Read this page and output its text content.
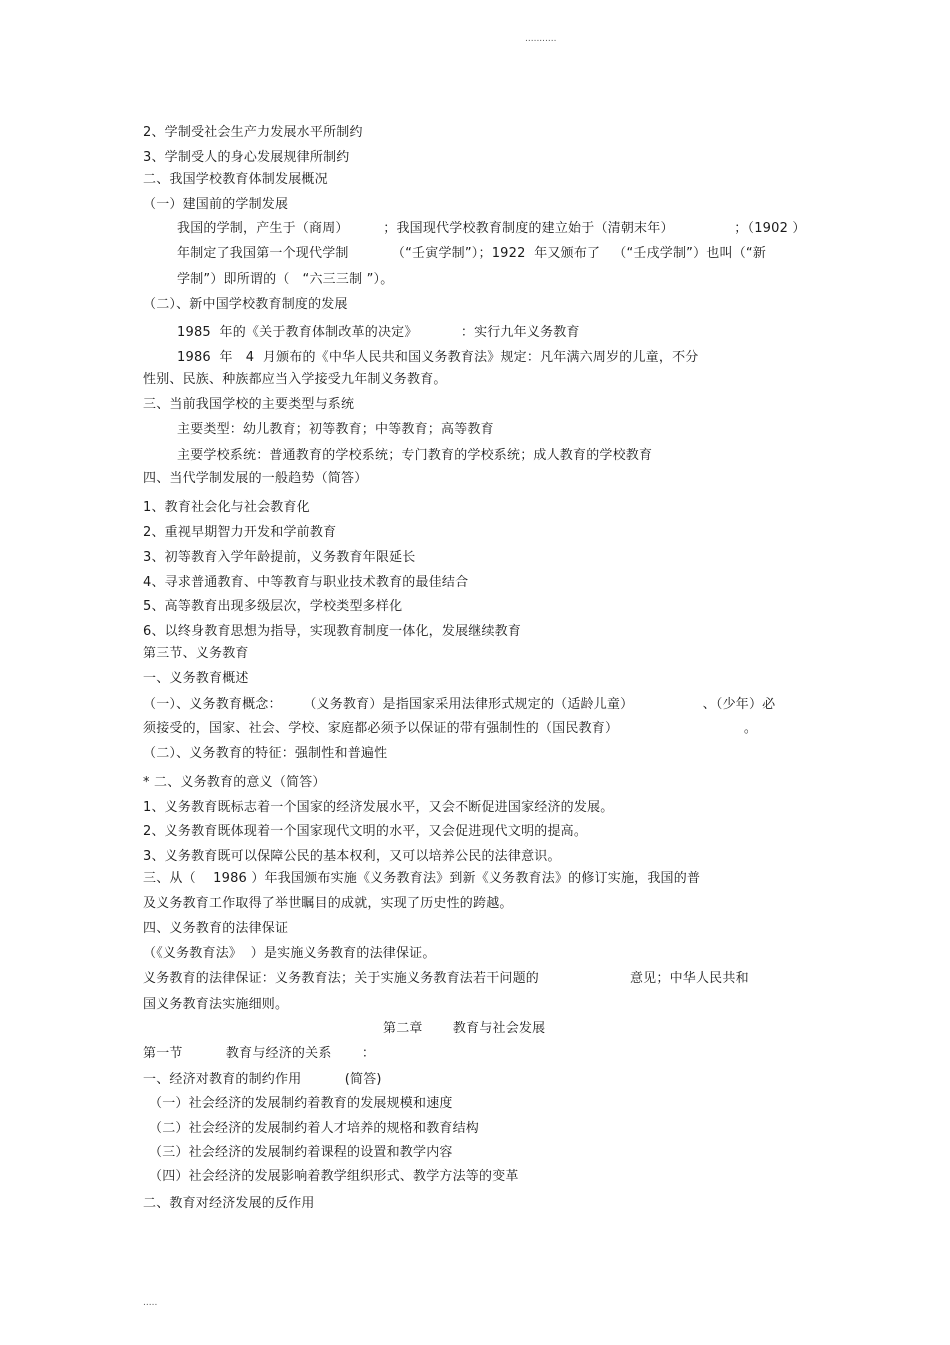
...........
2、学制受社会生产力发展水平所制约
3、学制受人的身心发展规律所制约
二、我国学校教育体制发展概况
（一）建国前的学制发展
我国的学制，产生于（商周）        ；我国现代学校教育制度的建立始于（清朝末年）              ；（1902 ）
年制定了我国第一个现代学制          （“壬寅学制”）；1922  年又颁布了   （“壬戌学制”）也叫（“新
学制”）即所谓的（   “六三三制 ”）。
（二）、新中国学校教育制度的发展
1985  年的《关于教育体制改革的决定》          ：实行九年义务教育
1986  年   4  月颁布的《中华人民共和国义务教育法》规定：凡年满六周岁的儿童，不分
性别、民族、种族都应当入学接受九年制义务教育。
三、当前我国学校的主要类型与系统
主要类型：幼儿教育；初等教育；中等教育；高等教育
主要学校系统：普通教育的学校系统；专门教育的学校系统；成人教育的学校教育
四、当代学制发展的一般趋势（简答）
1、教育社会化与社会教育化
2、重视早期智力开发和学前教育
3、初等教育入学年龄提前，义务教育年限延长
4、寻求普通教育、中等教育与职业技术教育的最佳结合
5、高等教育出现多级层次，学校类型多样化
6、以终身教育思想为指导，实现教育制度一体化，发展继续教育
第三节、义务教育
一、义务教育概述
（一）、义务教育概念：     （义务教育）是指国家采用法律形式规定的（适龄儿童）                、（少年）必
须接受的，国家、社会、学校、家庭都必须予以保证的带有强制性的（国民教育）                             。
（二）、义务教育的特征：强制性和普遍性
* 二、义务教育的意义（简答）
1、义务教育既标志着一个国家的经济发展水平，又会不断促进国家经济的发展。
2、义务教育既体现着一个国家现代文明的水平，又会促进现代文明的提高。
3、义务教育既可以保障公民的基本权利，又可以培养公民的法律意识。
三、从（    1986 ）年我国颁布实施《义务教育法》到新《义务教育法》的修订实施，我国的普
及义务教育工作取得了举世瞩目的成就，实现了历史性的跨越。
四、义务教育的法律保证
（《义务教育法》  ）是实施义务教育的法律保证。
义务教育的法律保证：义务教育法；关于实施义务教育法若干问题的                     意见；中华人民共和
国义务教育法实施细则。
第二章       教育与社会发展
第一节          教育与经济的关系       ：
一、经济对教育的制约作用          (简答)
（一）社会经济的发展制约着教育的发展规模和速度
（二）社会经济的发展制约着人才培养的规格和教育结构
（三）社会经济的发展制约着课程的设置和教学内容
（四）社会经济的发展影响着教学组织形式、教学方法等的变革
二、教育对经济发展的反作用
.....
